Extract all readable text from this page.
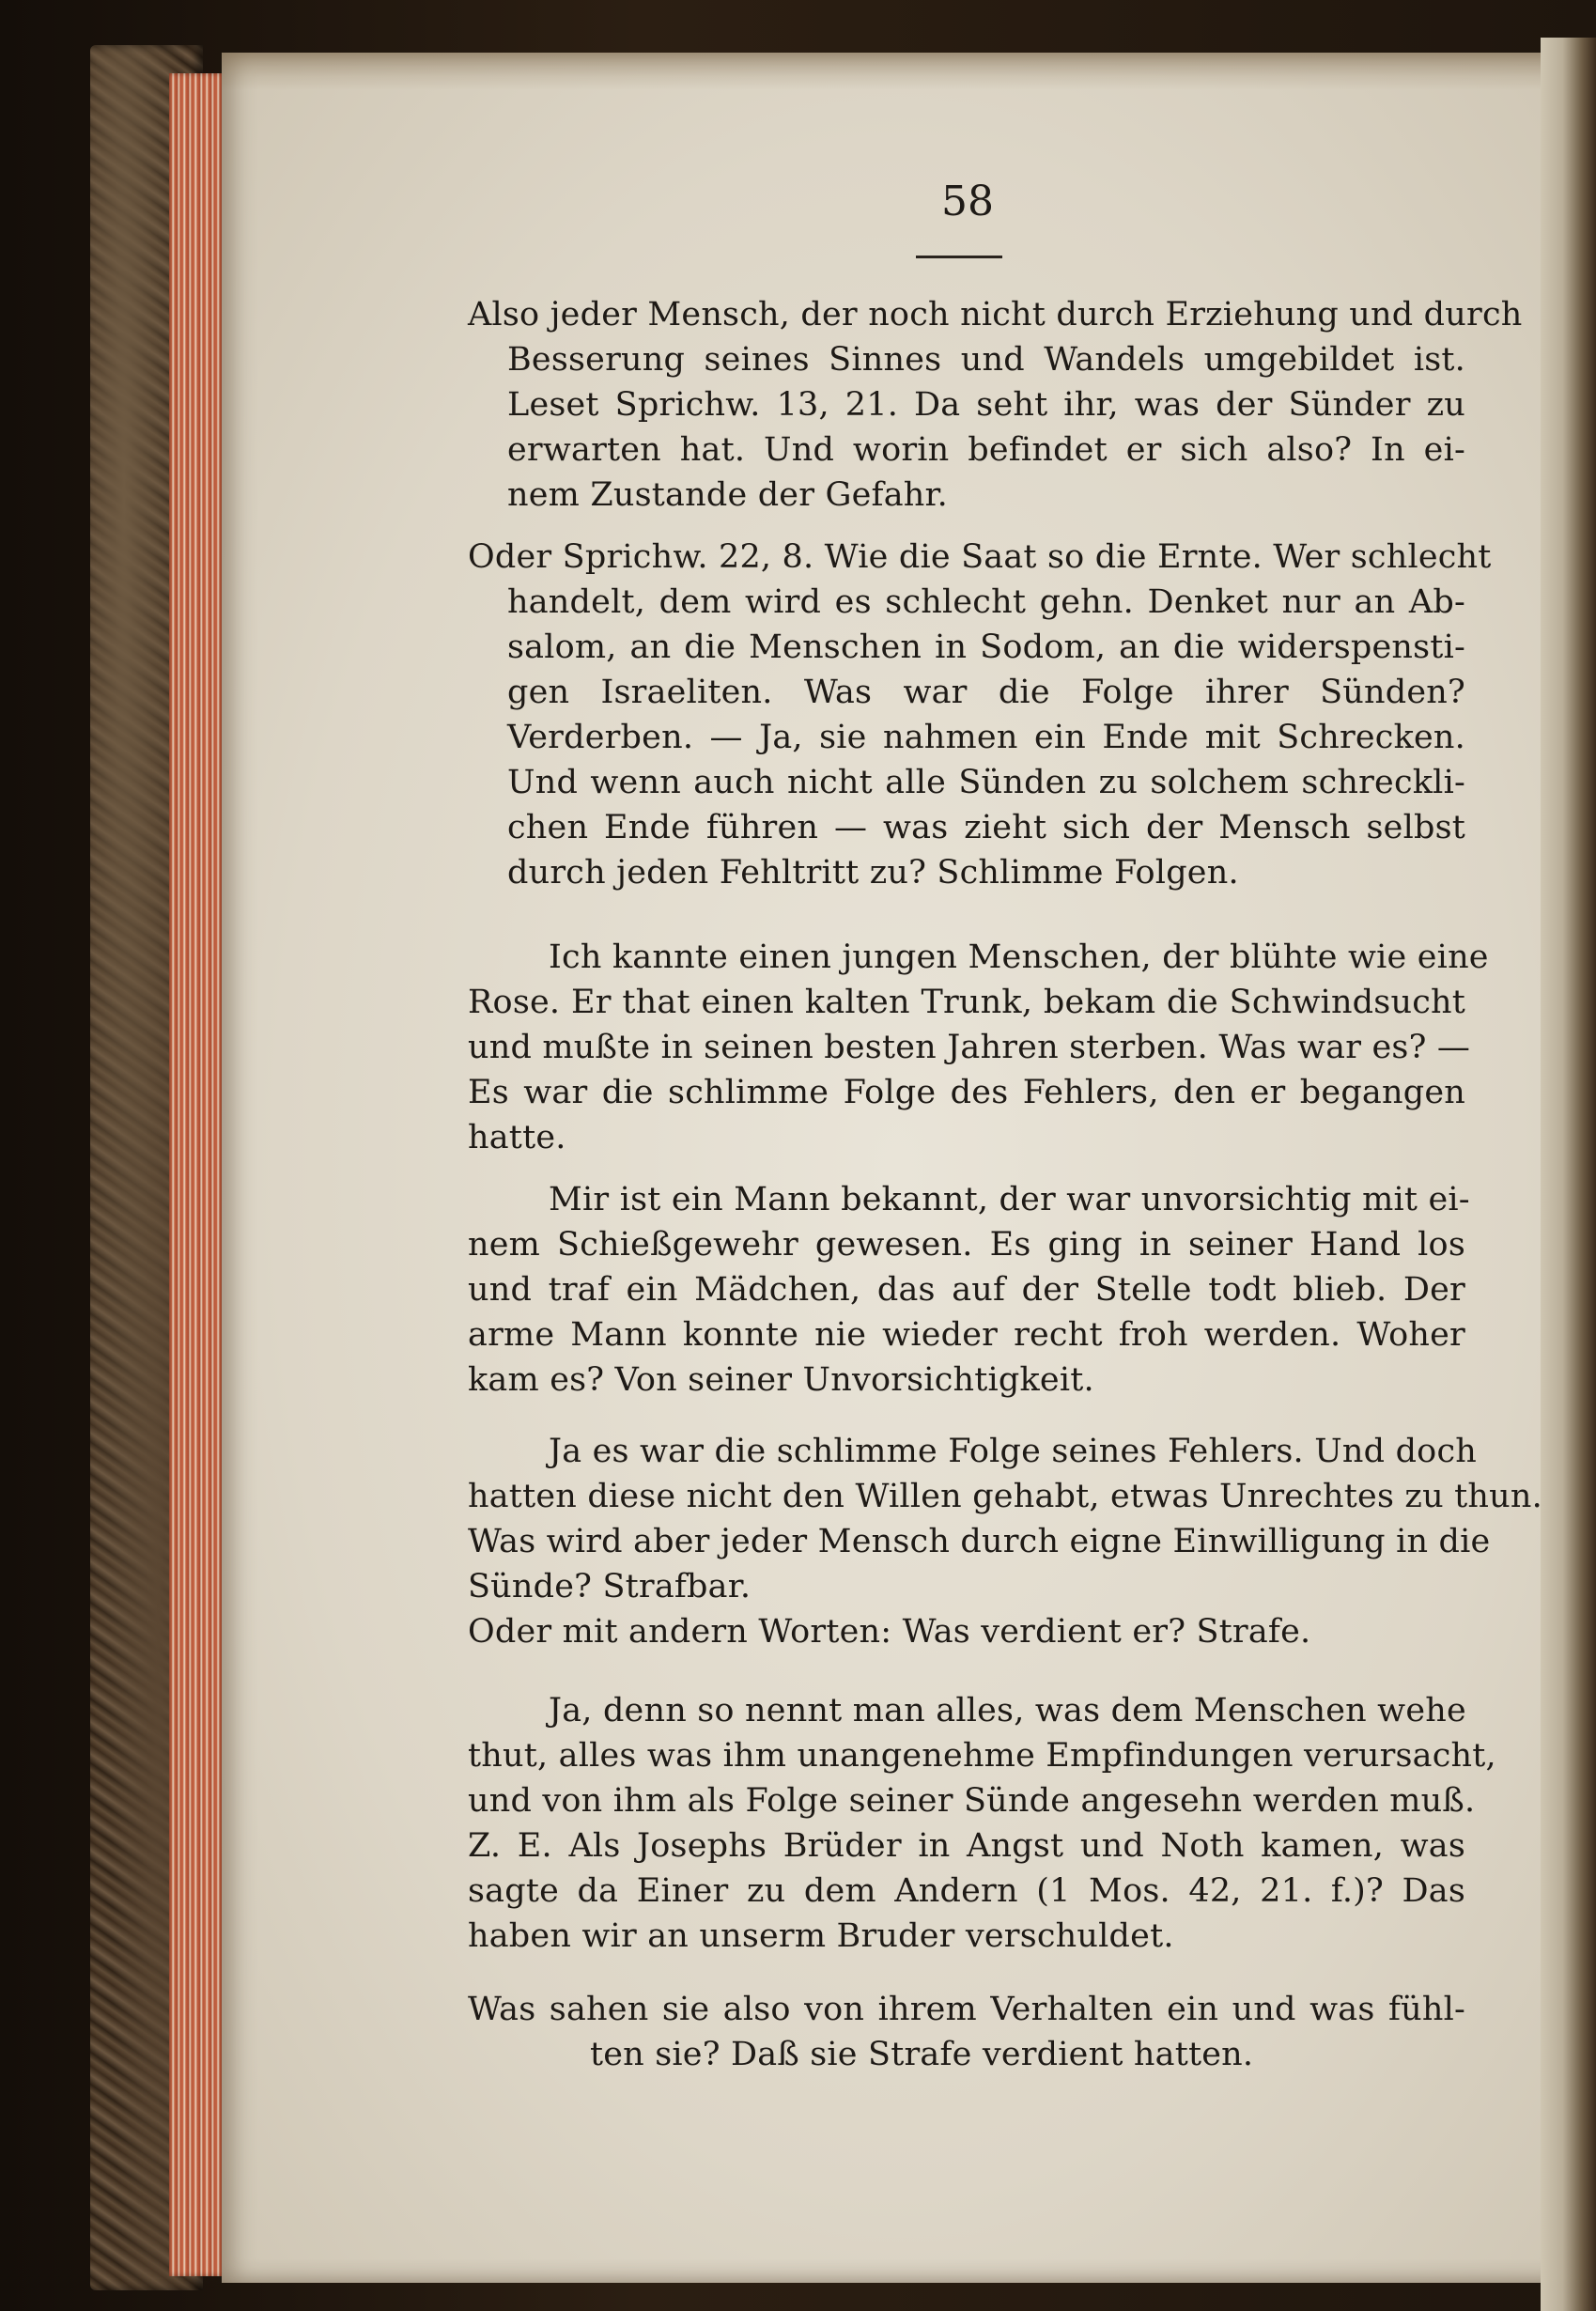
58
Also jeder Mensch, der noch nicht durch Erziehung und durch
Besserung seines Sinnes und Wandels umgebildet ist.
Leset Sprichw. 13, 21. Da seht ihr, was der Sünder zu
erwarten hat. Und worin befindet er sich also? In ei-
nem Zustande der Gefahr.
Oder Sprichw. 22, 8. Wie die Saat so die Ernte. Wer schlecht
handelt, dem wird es schlecht gehn. Denket nur an Ab-
salom, an die Menschen in Sodom, an die widerspensti-
gen Israeliten. Was war die Folge ihrer Sünden?
Verderben. — Ja, sie nahmen ein Ende mit Schrecken.
Und wenn auch nicht alle Sünden zu solchem schreckli-
chen Ende führen — was zieht sich der Mensch selbst
durch jeden Fehltritt zu? Schlimme Folgen.
Ich kannte einen jungen Menschen, der blühte wie eine
Rose. Er that einen kalten Trunk, bekam die Schwindsucht
und mußte in seinen besten Jahren sterben. Was war es? —
Es war die schlimme Folge des Fehlers, den er begangen
hatte.
Mir ist ein Mann bekannt, der war unvorsichtig mit ei-
nem Schießgewehr gewesen. Es ging in seiner Hand los
und traf ein Mädchen, das auf der Stelle todt blieb. Der
arme Mann konnte nie wieder recht froh werden. Woher
kam es? Von seiner Unvorsichtigkeit.
Ja es war die schlimme Folge seines Fehlers. Und doch
hatten diese nicht den Willen gehabt, etwas Unrechtes zu thun.
Was wird aber jeder Mensch durch eigne Einwilligung in die
Sünde? Strafbar.
Oder mit andern Worten: Was verdient er? Strafe.
Ja, denn so nennt man alles, was dem Menschen wehe
thut, alles was ihm unangenehme Empfindungen verursacht,
und von ihm als Folge seiner Sünde angesehn werden muß.
Z. E. Als Josephs Brüder in Angst und Noth kamen, was
sagte da Einer zu dem Andern (1 Mos. 42, 21. f.)? Das
haben wir an unserm Bruder verschuldet.
Was sahen sie also von ihrem Verhalten ein und was fühl-
ten sie? Daß sie Strafe verdient hatten.
